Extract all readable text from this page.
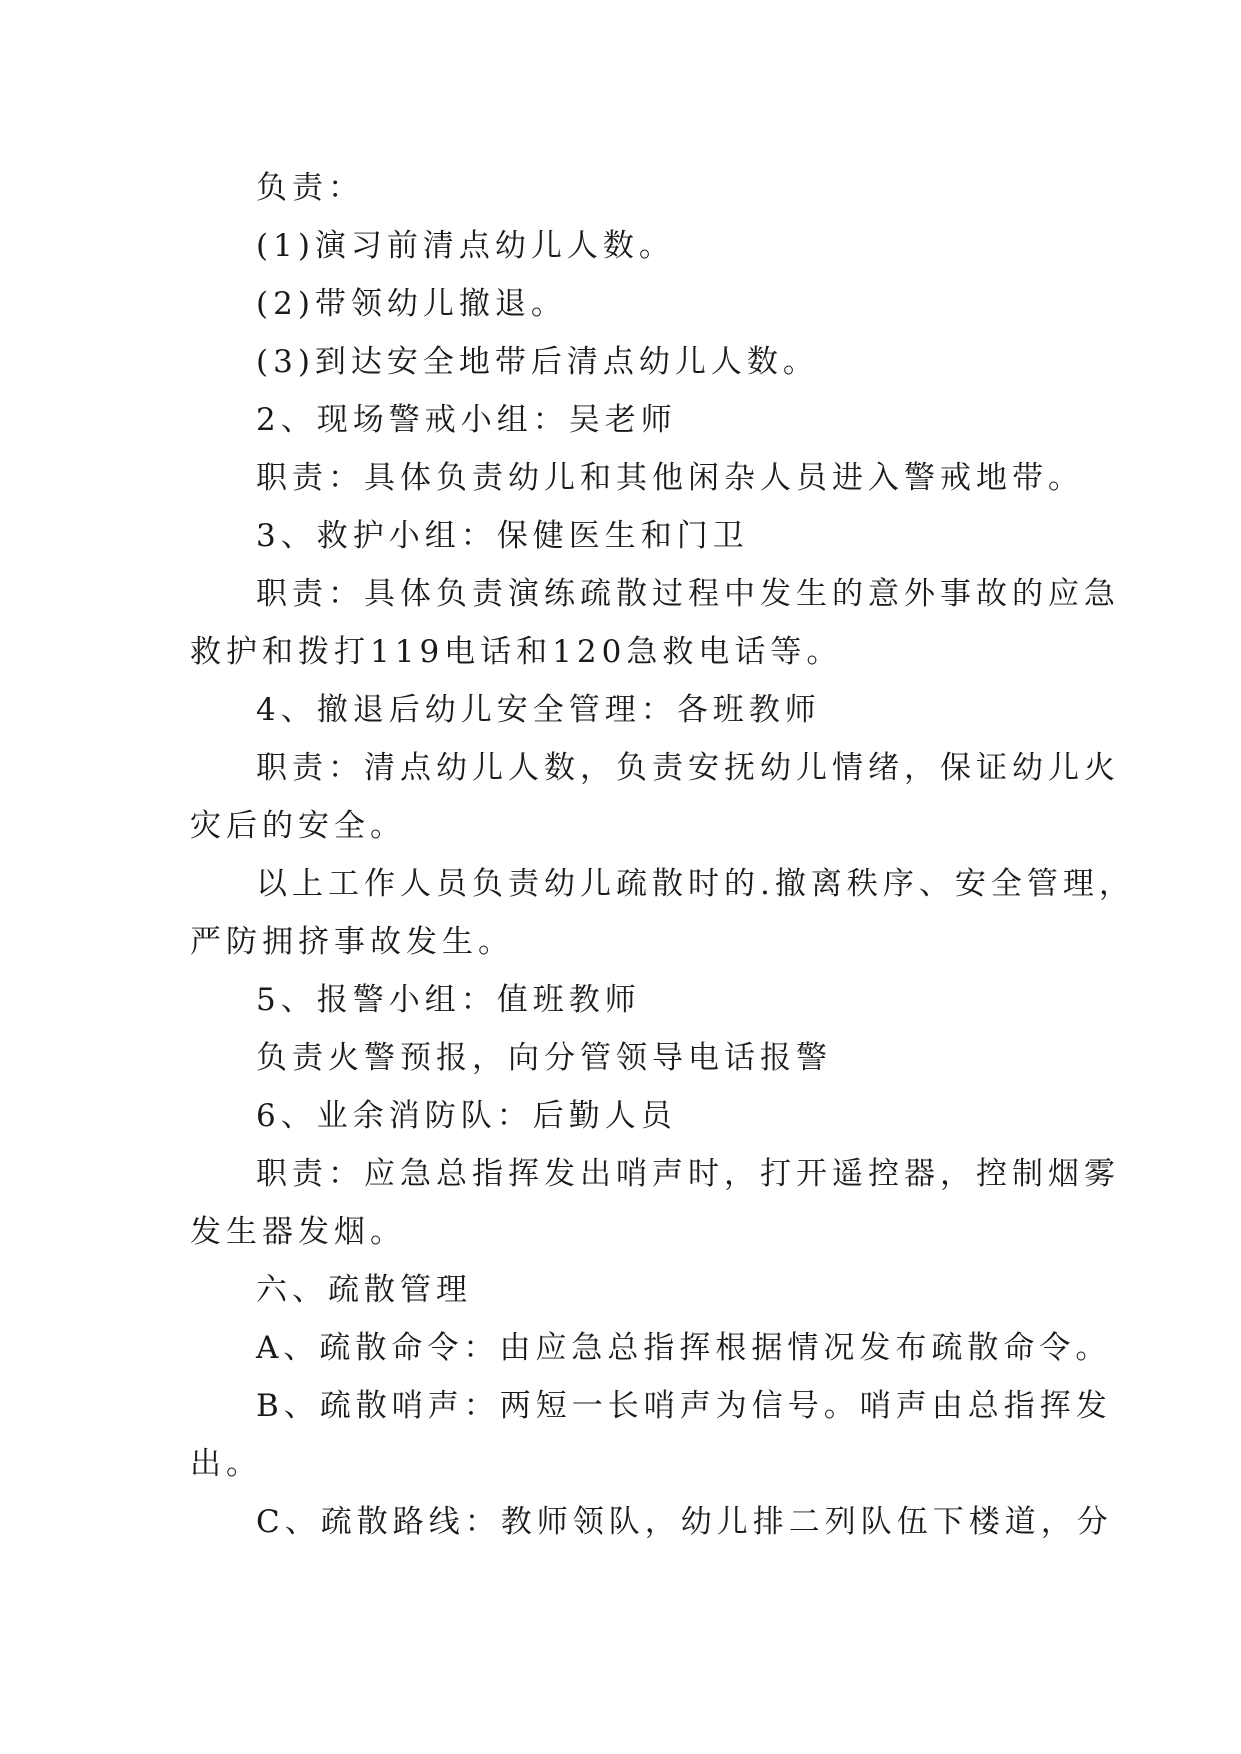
负责：
(1)演习前清点幼儿人数。
(2)带领幼儿撤退。
(3)到达安全地带后清点幼儿人数。
2、现场警戒小组：吴老师
职责：具体负责幼儿和其他闲杂人员进入警戒地带。
3、救护小组：保健医生和门卫
职责：具体负责演练疏散过程中发生的意外事故的应急
救护和拨打119电话和120急救电话等。
4、撤退后幼儿安全管理：各班教师
职责：清点幼儿人数，负责安抚幼儿情绪，保证幼儿火
灾后的安全。
以上工作人员负责幼儿疏散时的.撤离秩序、安全管理，
严防拥挤事故发生。
5、报警小组：值班教师
负责火警预报，向分管领导电话报警
6、业余消防队：后勤人员
职责：应急总指挥发出哨声时，打开遥控器，控制烟雾
发生器发烟。
六、疏散管理
A、疏散命令：由应急总指挥根据情况发布疏散命令。
B、疏散哨声：两短一长哨声为信号。哨声由总指挥发
出。
C、疏散路线：教师领队，幼儿排二列队伍下楼道，分
